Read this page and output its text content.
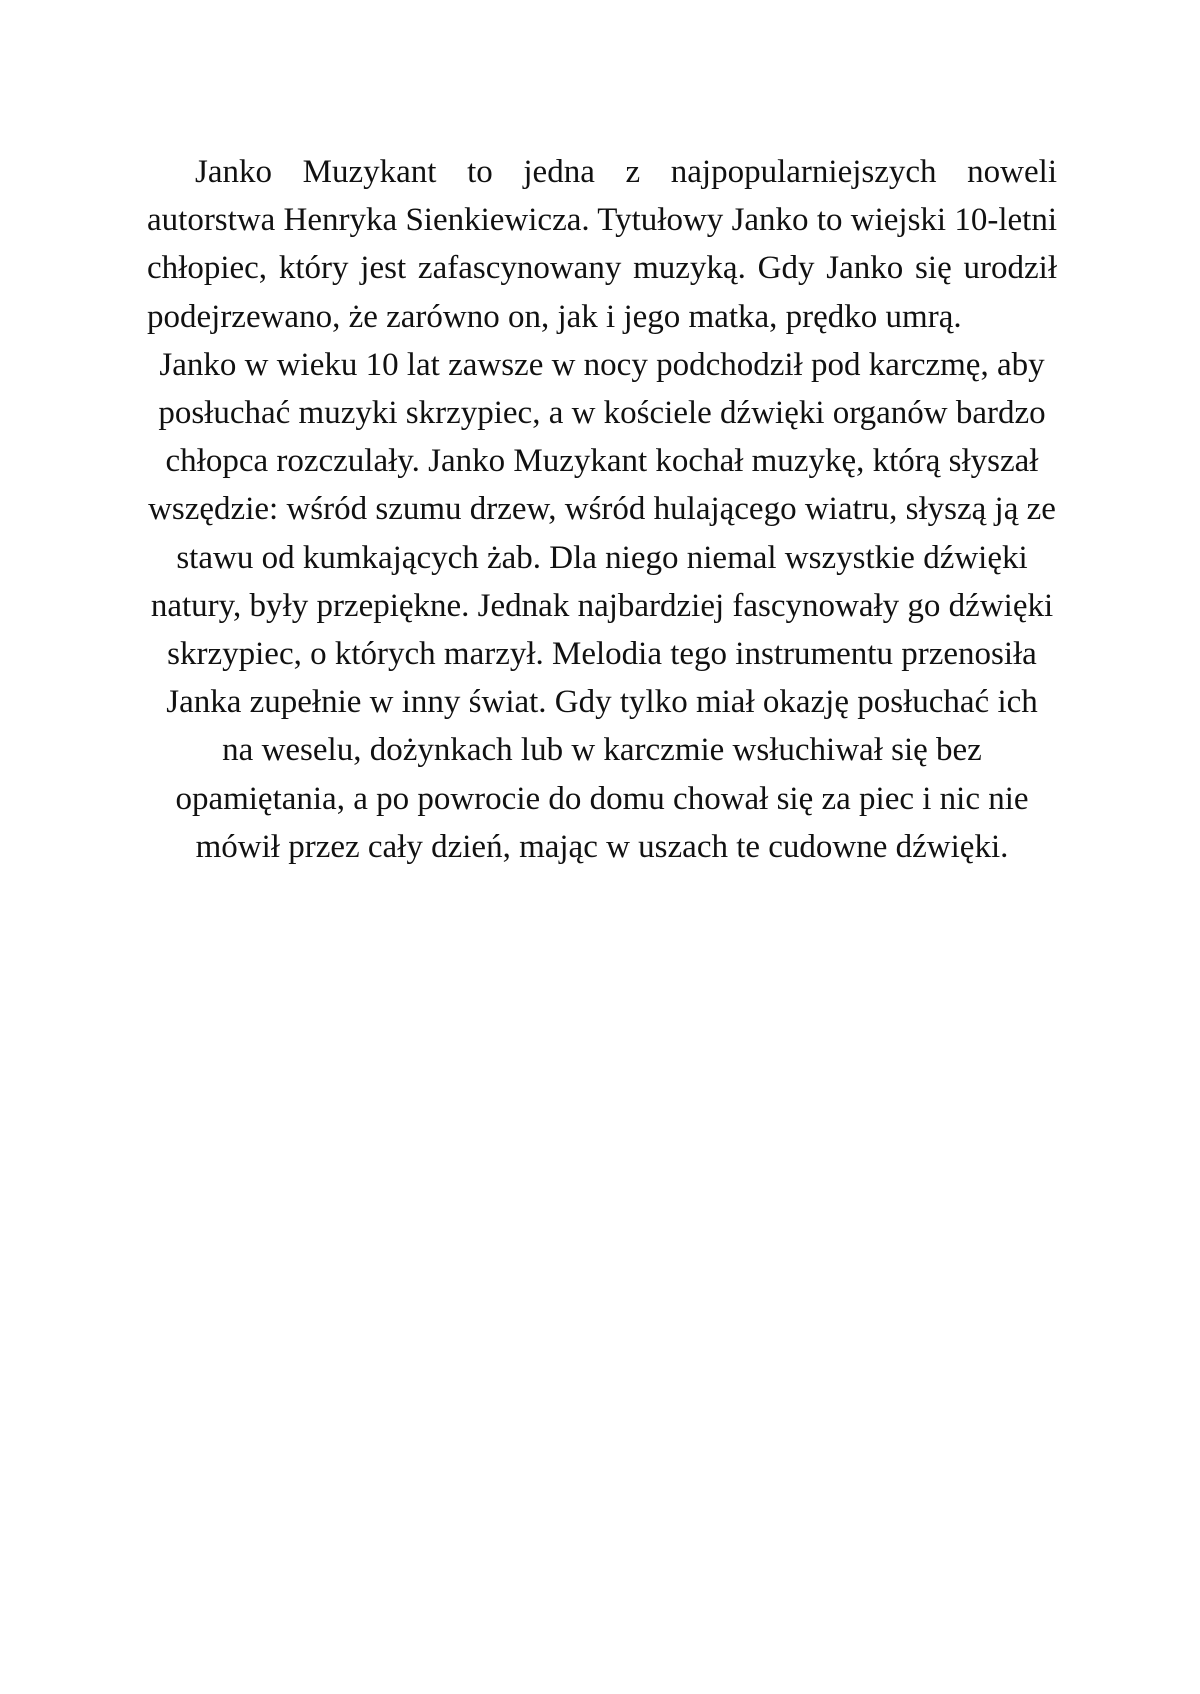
Janko Muzykant to jedna z najpopularniejszych noweli autorstwa Henryka Sienkiewicza. Tytułowy Janko to wiejski 10-letni chłopiec, który jest zafascynowany muzyką. Gdy Janko się urodził podejrzewano, że zarówno on, jak i jego matka, prędko umrą.

Janko w wieku 10 lat zawsze w nocy podchodził pod karczmę, aby posłuchać muzyki skrzypiec, a w kościele dźwięki organów bardzo chłopca rozczulały. Janko Muzykant kochał muzykę, którą słyszał wszędzie: wśród szumu drzew, wśród hulającego wiatru, słyszą ją ze stawu od kumkających żab. Dla niego niemal wszystkie dźwięki natury, były przepiękne. Jednak najbardziej fascynowały go dźwięki skrzypiec, o których marzył. Melodia tego instrumentu przenosiła Janka zupełnie w inny świat. Gdy tylko miał okazję posłuchać ich na weselu, dożynkach lub w karczmie wsłuchiwał się bez opamiętania, a po powrocie do domu chował się za piec i nic nie mówił przez cały dzień, mając w uszach te cudowne dźwięki.
